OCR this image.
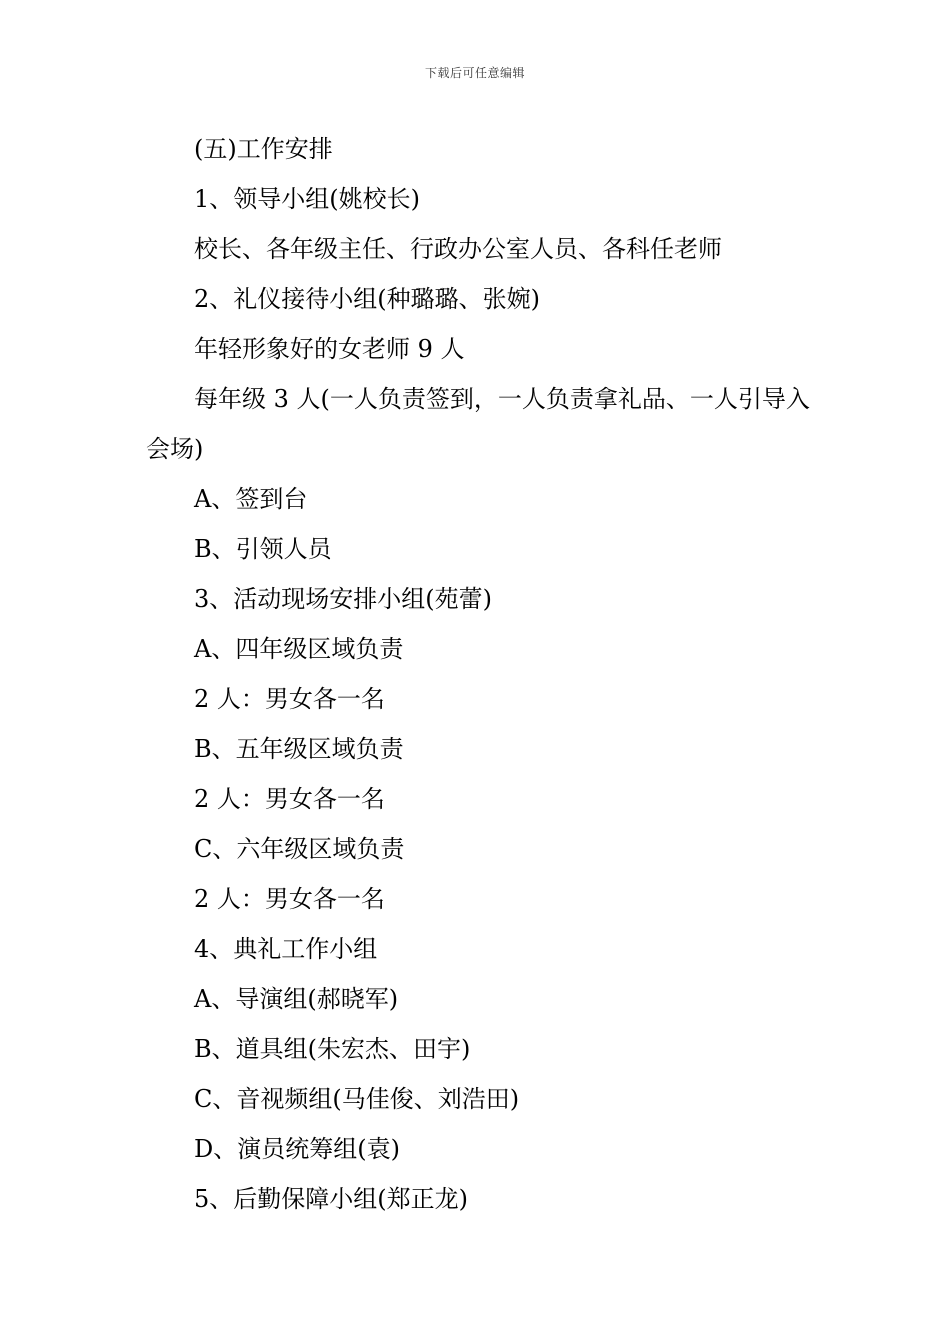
下载后可任意编辑

(五)工作安排

1、领导小组(姚校长)

校长、各年级主任、行政办公室人员、各科任老师

2、礼仪接待小组(种璐璐、张婉)

年轻形象好的女老师 9 人

每年级 3 人(一人负责签到，一人负责拿礼品、一人引导入会场)

A、签到台

B、引领人员

3、活动现场安排小组(苑蕾)

A、四年级区域负责

2 人：男女各一名

B、五年级区域负责

2 人：男女各一名

C、六年级区域负责

2 人：男女各一名

4、典礼工作小组

A、导演组(郝晓军)

B、道具组(朱宏杰、田宇)

C、音视频组(马佳俊、刘浩田)

D、演员统筹组(袁)

5、后勤保障小组(郑正龙)
